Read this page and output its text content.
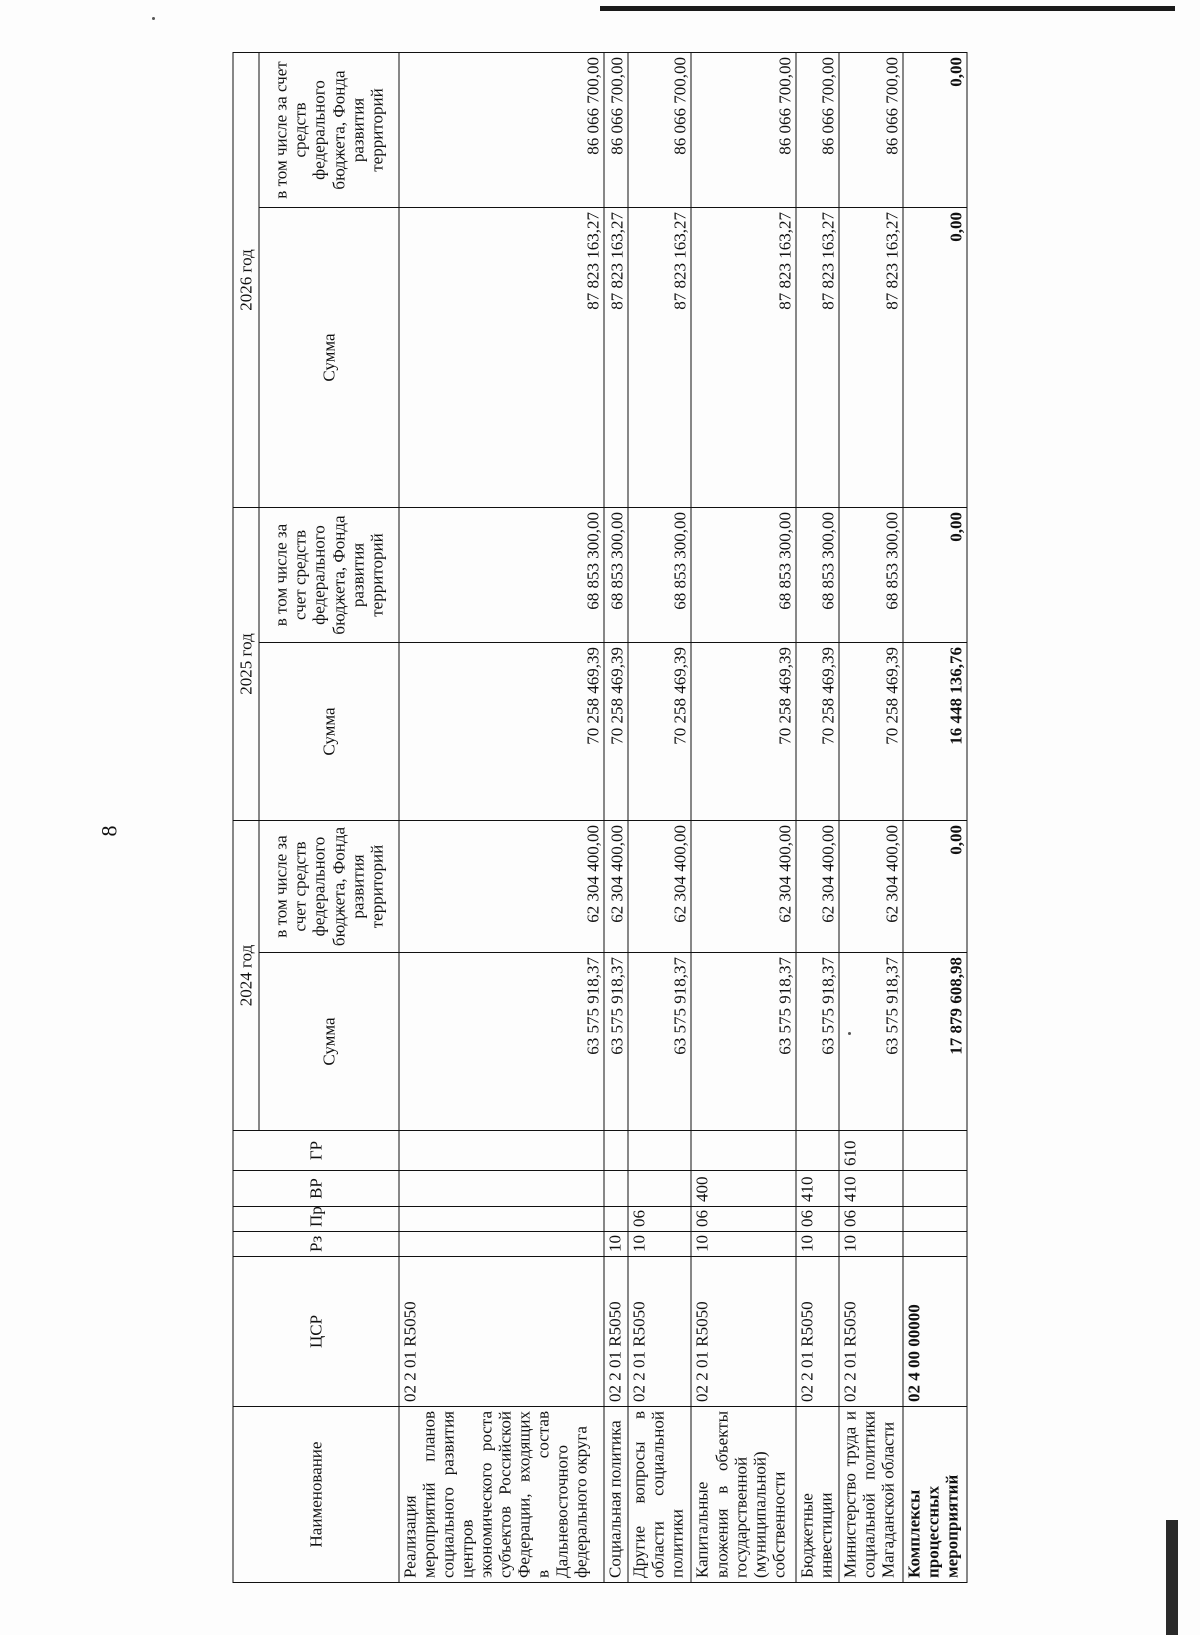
8
Наименование	ЦСР	Рз	Пр	ВР	ГР	2024 год		2025 год		2026 год	
						Сумма	в том числе за счет средств федерального бюджета, Фонда развития территорий	Сумма	в том числе за счет средств федерального бюджета, Фонда развития территорий	Сумма	в том числе за счет средств федерального бюджета, Фонда развития территорий
Реализация мероприятий планов социального развития центров экономического роста субъектов Российской Федерации, входящих в состав Дальневосточного федерального округа	02 2 01 R5050					63 575 918,37	62 304 400,00	70 258 469,39	68 853 300,00	87 823 163,27	86 066 700,00
Социальная политика	02 2 01 R5050	10				63 575 918,37	62 304 400,00	70 258 469,39	68 853 300,00	87 823 163,27	86 066 700,00
Другие вопросы в области социальной политики	02 2 01 R5050	10	06			63 575 918,37	62 304 400,00	70 258 469,39	68 853 300,00	87 823 163,27	86 066 700,00
Капитальные вложения в объекты государственной (муниципальной) собственности	02 2 01 R5050	10	06	400		63 575 918,37	62 304 400,00	70 258 469,39	68 853 300,00	87 823 163,27	86 066 700,00
Бюджетные инвестиции	02 2 01 R5050	10	06	410		63 575 918,37	62 304 400,00	70 258 469,39	68 853 300,00	87 823 163,27	86 066 700,00
Министерство труда и социальной политики Магаданской области	02 2 01 R5050	10	06	410	610	63 575 918,37	62 304 400,00	70 258 469,39	68 853 300,00	87 823 163,27	86 066 700,00
Комплексы процессных мероприятий	02 4 00 00000					17 879 608,98	0,00	16 448 136,76	0,00	0,00	0,00
